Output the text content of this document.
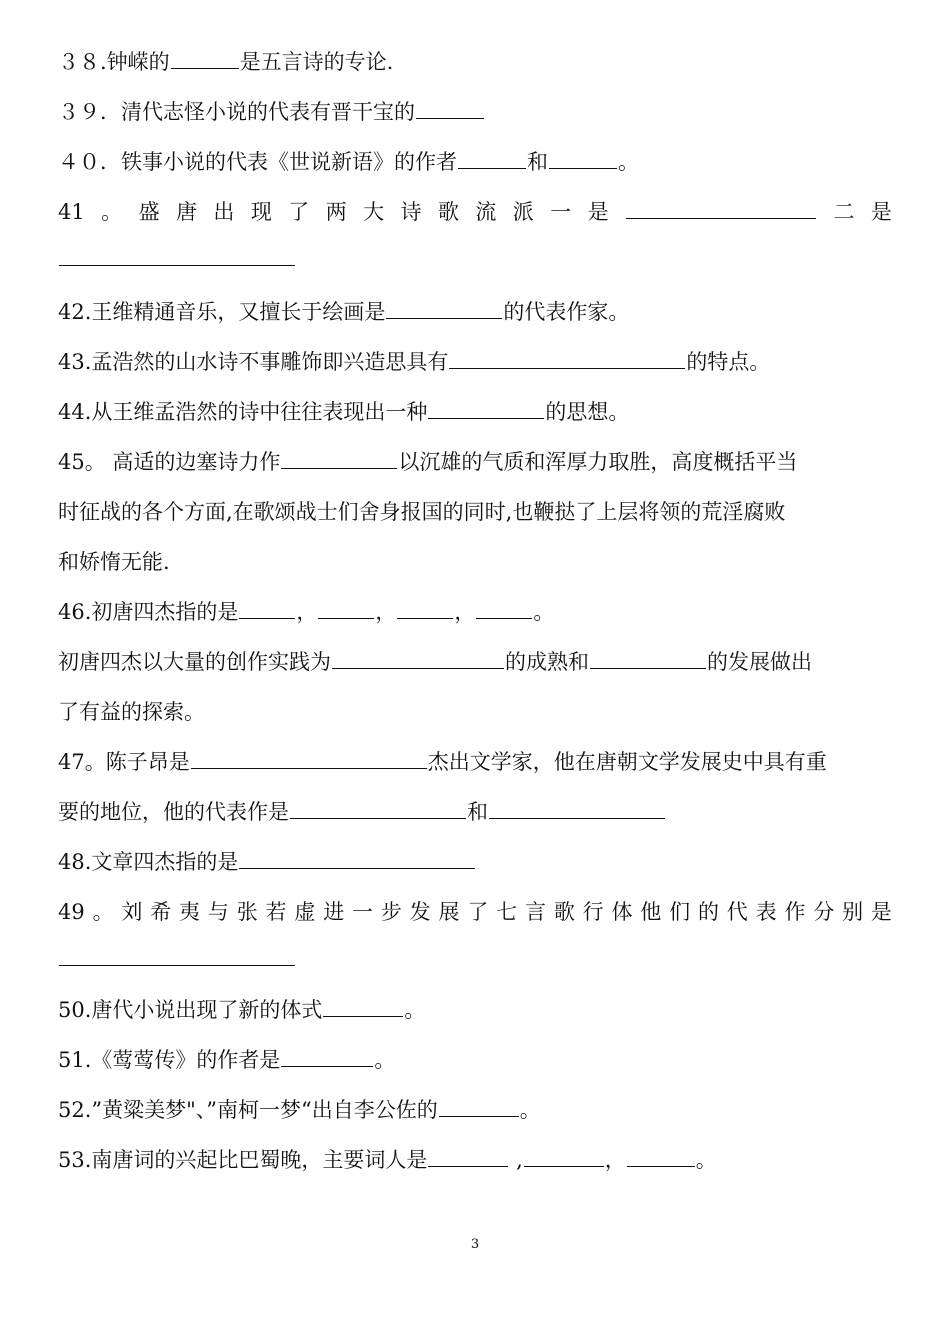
３８.钟嵘的	是五言诗的专论.
３９．清代志怪小说的代表有晋干宝的
４０．铁事小说的代表《世说新语》的作者	和	。
41 。 盛 唐 出 现 了 两 大 诗 歌 流 派 一 是	二 是
42.王维精通音乐，又擅长于绘画是	的代表作家。
43.孟浩然的山水诗不事雕饰即兴造思具有	的特点。
44.从王维孟浩然的诗中往往表现出一种	的思想。
45。 高适的边塞诗力作	以沉雄的气质和浑厚力取胜，高度概括平当
时征战的各个方面,在歌颂战士们舍身报国的同时,也鞭挞了上层将领的荒淫腐败
和娇惰无能.
46.初唐四杰指的是	，	，	，	。
初唐四杰以大量的创作实践为	的成熟和	的发展做出
了有益的探索。
47。陈子昂是	杰出文学家，他在唐朝文学发展史中具有重
要的地位，他的代表作是	和
48.文章四杰指的是
49 。 刘 希 夷 与 张 若 虚 进 一 步 发 展 了 七 言 歌 行 体 他 们 的 代 表 作 分 别 是
50.唐代小说出现了新的体式	。
51.《莺莺传》的作者是	。
52.”黄粱美梦"、”南柯一梦“出自李公佐的	。
53.南唐词的兴起比巴蜀晚，主要词人是	,	，	。
3
